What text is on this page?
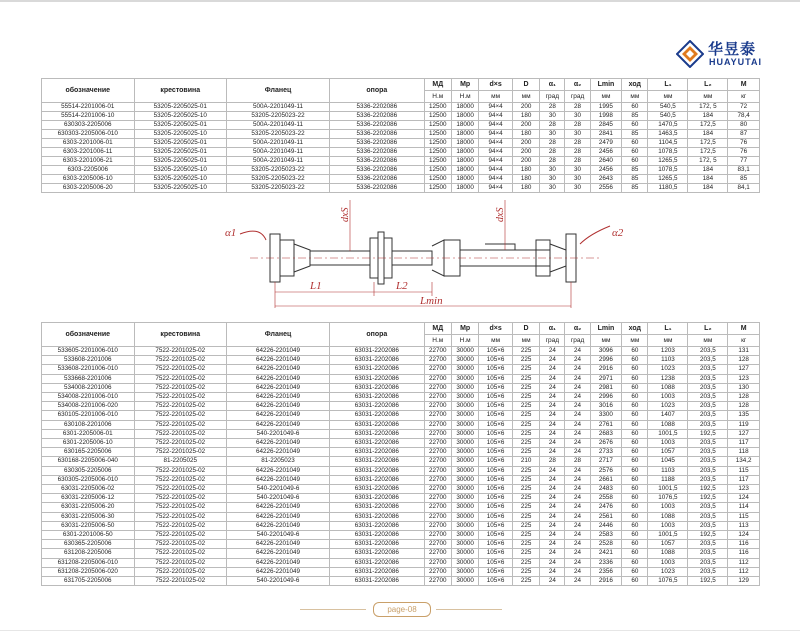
华昱泰
HUAYUTAI
обозначение	крестовина	Фланец	опора	МД	Мр	d×s	D	α₁	α₂	Lmin	ход	L₁	L₂	М
				Н.м	Н.м	мм	мм	град	град	мм	мм	мм	мм	кг
55514-2201006-01	53205-2205025-01	500А-2201049-11	5336-2202086	12500	18000	94×4	200	28	28	1995	60	540,5	172, 5	72
55514-2201006-10	53205-2205025-10	53205-2205023-22	5336-2202086	12500	18000	94×4	180	30	30	1998	85	540,5	184	78,4
630303-2205006	53205-2205025-01	500А-2201049-11	5336-2202086	12500	18000	94×4	200	28	28	2845	60	1470,5	172,5	80
630303-2205006-010	53205-2205025-10	53205-2205023-22	5336-2202086	12500	18000	94×4	180	30	30	2841	85	1463,5	184	87
6303-2201006-01	53205-2205025-01	500А-2201049-11	5336-2202086	12500	18000	94×4	200	28	28	2479	60	1104,5	172,5	76
6303-2201006-11	53205-2205025-01	500А-2201049-11	5336-2202086	12500	18000	94×4	200	28	28	2456	60	1078,5	172,5	76
6303-2201006-21	53205-2205025-01	500А-2201049-11	5336-2202086	12500	18000	94×4	200	28	28	2640	60	1265,5	172, 5	77
6303-2205006	53205-2205025-10	53205-2205023-22	5336-2202086	12500	18000	94×4	180	30	30	2456	85	1078,5	184	83,1
6303-2205006-10	53205-2205025-10	53205-2205023-22	5336-2202086	12500	18000	94×4	180	30	30	2643	85	1265,5	184	85
6303-2205006-20	53205-2205025-10	53205-2205023-22	5336-2202086	12500	18000	94×4	180	30	30	2556	85	1180,5	184	84,1
α1	α2
dxS	dxS
L1	L2
Lmin
обозначение	крестовина	Фланец	опора	МД	Мр	d×s	D	α₁	α₂	Lmin	ход	L₁	L₂	М
				Н.м	Н.м	мм	мм	град	град	мм	мм	мм	мм	кг
533605-2201006-010	7522-2201025-02	64226-2201049	63031-2202086	22700	30000	105×6	225	24	24	3096	60	1203	203,5	131
533608-2201006	7522-2201025-02	64226-2201049	63031-2202086	22700	30000	105×6	225	24	24	2996	60	1103	203,5	128
533608-2201006-010	7522-2201025-02	64226-2201049	63031-2202086	22700	30000	105×6	225	24	24	2916	60	1023	203,5	127
533668-2201006	7522-2201025-02	64226-2201049	63031-2202086	22700	30000	105×6	225	24	24	2971	60	1238	203,5	123
534008-2201006	7522-2201025-02	64226-2201049	63031-2202086	22700	30000	105×6	225	24	24	2981	60	1088	203,5	130
534008-2201006-010	7522-2201025-02	64226-2201049	63031-2202086	22700	30000	105×6	225	24	24	2996	60	1003	203,5	128
534008-2201006-020	7522-2201025-02	64226-2201049	63031-2202086	22700	30000	105×6	225	24	24	3016	60	1023	203,5	128
630105-2201006-010	7522-2201025-02	64226-2201049	63031-2202086	22700	30000	105×6	225	24	24	3300	60	1407	203,5	135
630108-2201006	7522-2201025-02	64226-2201049	63031-2202086	22700	30000	105×6	225	24	24	2761	60	1088	203,5	119
6301-2205006-01	7522-2201025-02	540-2201049-6	63031-2202086	22700	30000	105×6	225	24	24	2683	60	1001,5	192,5	127
6301-2205006-10	7522-2201025-02	64226-2201049	63031-2202086	22700	30000	105×6	225	24	24	2676	60	1003	203,5	117
630165-2205006	7522-2201025-02	64226-2201049	63031-2202086	22700	30000	105×6	225	24	24	2733	60	1057	203,5	118
630168-2205006-040	81-2205025	81-2205023	63031-2202086	22700	30000	105×6	210	28	28	2717	60	1045	203,5	134,2
630305-2205006	7522-2201025-02	64226-2201049	63031-2202086	22700	30000	105×6	225	24	24	2576	60	1103	203,5	115
630305-2205006-010	7522-2201025-02	64226-2201049	63031-2202086	22700	30000	105×6	225	24	24	2661	60	1188	203,5	117
63031-2205006-02	7522-2201025-02	540-2201049-6	63031-2202086	22700	30000	105×6	225	24	24	2483	60	1001,5	192,5	123
63031-2205006-12	7522-2201025-02	540-2201049-6	63031-2202086	22700	30000	105×6	225	24	24	2558	60	1076,5	192,5	124
63031-2205006-20	7522-2201025-02	64226-2201049	63031-2202086	22700	30000	105×6	225	24	24	2476	60	1003	203,5	114
63031-2205006-30	7522-2201025-02	64226-2201049	63031-2202086	22700	30000	105×6	225	24	24	2561	60	1088	203,5	115
63031-2205006-50	7522-2201025-02	64226-2201049	63031-2202086	22700	30000	105×6	225	24	24	2446	60	1003	203,5	113
6301-2201006-50	7522-2201025-02	540-2201049-6	63031-2202086	22700	30000	105×6	225	24	24	2583	60	1001,5	192,5	124
630365-2205006	7522-2201025-02	64226-2201049	63031-2202086	22700	30000	105×6	225	24	24	2528	60	1057	203,5	116
631208-2205006	7522-2201025-02	64226-2201049	63031-2202086	22700	30000	105×6	225	24	24	2421	60	1088	203,5	116
631208-2205006-010	7522-2201025-02	64226-2201049	63031-2202086	22700	30000	105×6	225	24	24	2336	60	1003	203,5	112
631208-2205006-020	7522-2201025-02	64226-2201049	63031-2202086	22700	30000	105×6	225	24	24	2356	60	1023	203,5	112
631705-2205006	7522-2201025-02	540-2201049-6	63031-2202086	22700	30000	105×6	225	24	24	2916	60	1076,5	192,5	129
page-08
